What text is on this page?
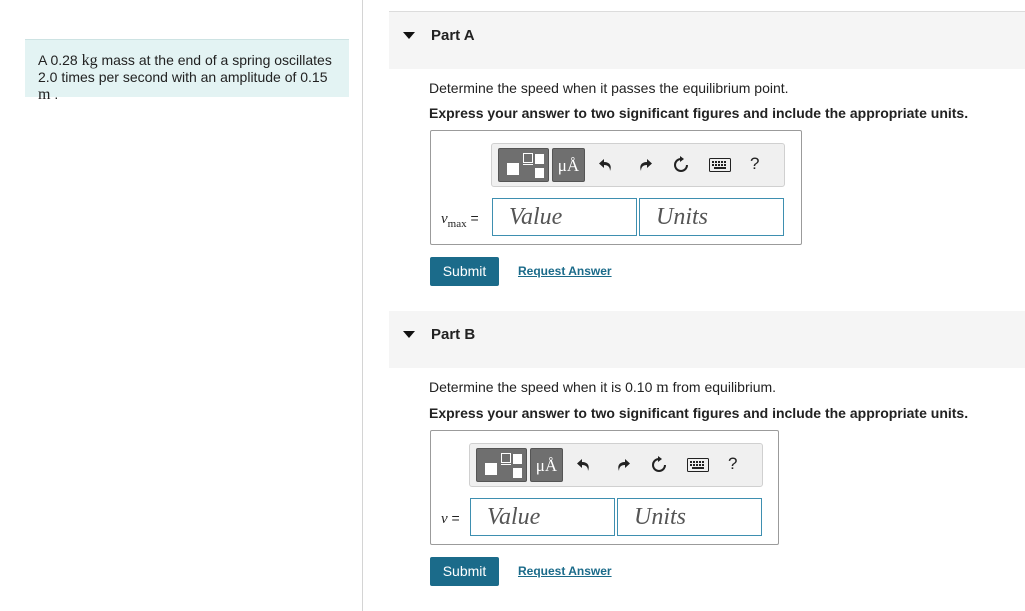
A 0.28 kg mass at the end of a spring oscillates 2.0 times per second with an amplitude of 0.15 m .
Part A
Determine the speed when it passes the equilibrium point.
Express your answer to two significant figures and include the appropriate units.
μÅ	?
$v_{max}$ =
Value
Units
Submit	Request Answer
Part B
Determine the speed when it is 0.10 m from equilibrium.
Express your answer to two significant figures and include the appropriate units.
μÅ	?
v =
Value
Units
Submit	Request Answer
